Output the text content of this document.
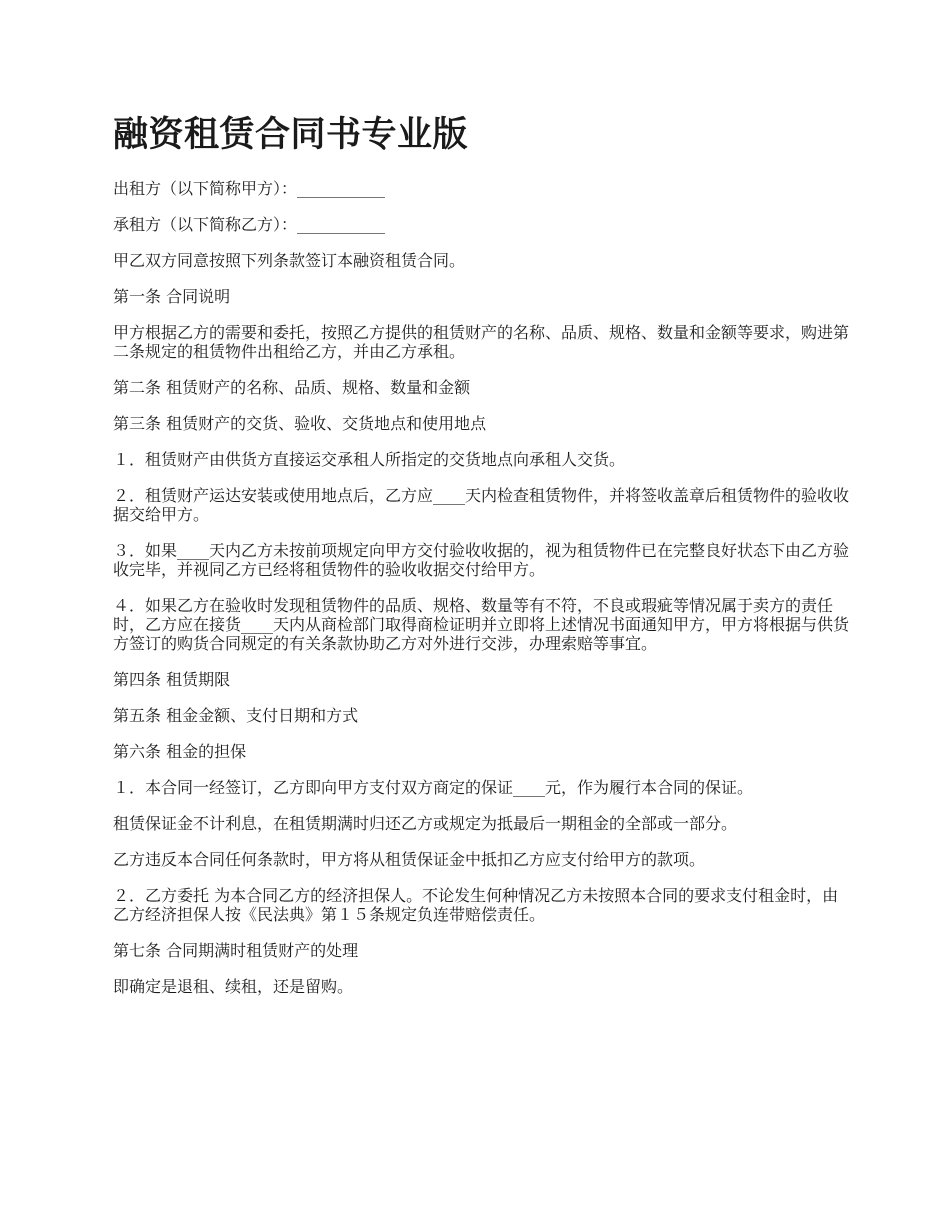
融资租赁合同书专业版

出租方（以下简称甲方）：___________

承租方（以下简称乙方）：___________

甲乙双方同意按照下列条款签订本融资租赁合同。

第一条 合同说明

甲方根据乙方的需要和委托，按照乙方提供的租赁财产的名称、品质、规格、数量和金额等要求，购进第二条规定的租赁物件出租给乙方，并由乙方承租。

第二条 租赁财产的名称、品质、规格、数量和金额

第三条 租赁财产的交货、验收、交货地点和使用地点

１．租赁财产由供货方直接运交承租人所指定的交货地点向承租人交货。

２．租赁财产运达安装或使用地点后，乙方应____天内检查租赁物件，并将签收盖章后租赁物件的验收收据交给甲方。

３．如果____天内乙方未按前项规定向甲方交付验收收据的，视为租赁物件已在完整良好状态下由乙方验收完毕，并视同乙方已经将租赁物件的验收收据交付给甲方。

４．如果乙方在验收时发现租赁物件的品质、规格、数量等有不符，不良或瑕疵等情况属于卖方的责任时，乙方应在接货____天内从商检部门取得商检证明并立即将上述情况书面通知甲方，甲方将根据与供货方签订的购货合同规定的有关条款协助乙方对外进行交涉，办理索赔等事宜。

第四条 租赁期限

第五条 租金金额、支付日期和方式

第六条 租金的担保

１．本合同一经签订，乙方即向甲方支付双方商定的保证____元，作为履行本合同的保证。

租赁保证金不计利息，在租赁期满时归还乙方或规定为抵最后一期租金的全部或一部分。

乙方违反本合同任何条款时，甲方将从租赁保证金中抵扣乙方应支付给甲方的款项。

２．乙方委托 为本合同乙方的经济担保人。不论发生何种情况乙方未按照本合同的要求支付租金时，由乙方经济担保人按《民法典》第１５条规定负连带赔偿责任。

第七条 合同期满时租赁财产的处理

即确定是退租、续租，还是留购。
